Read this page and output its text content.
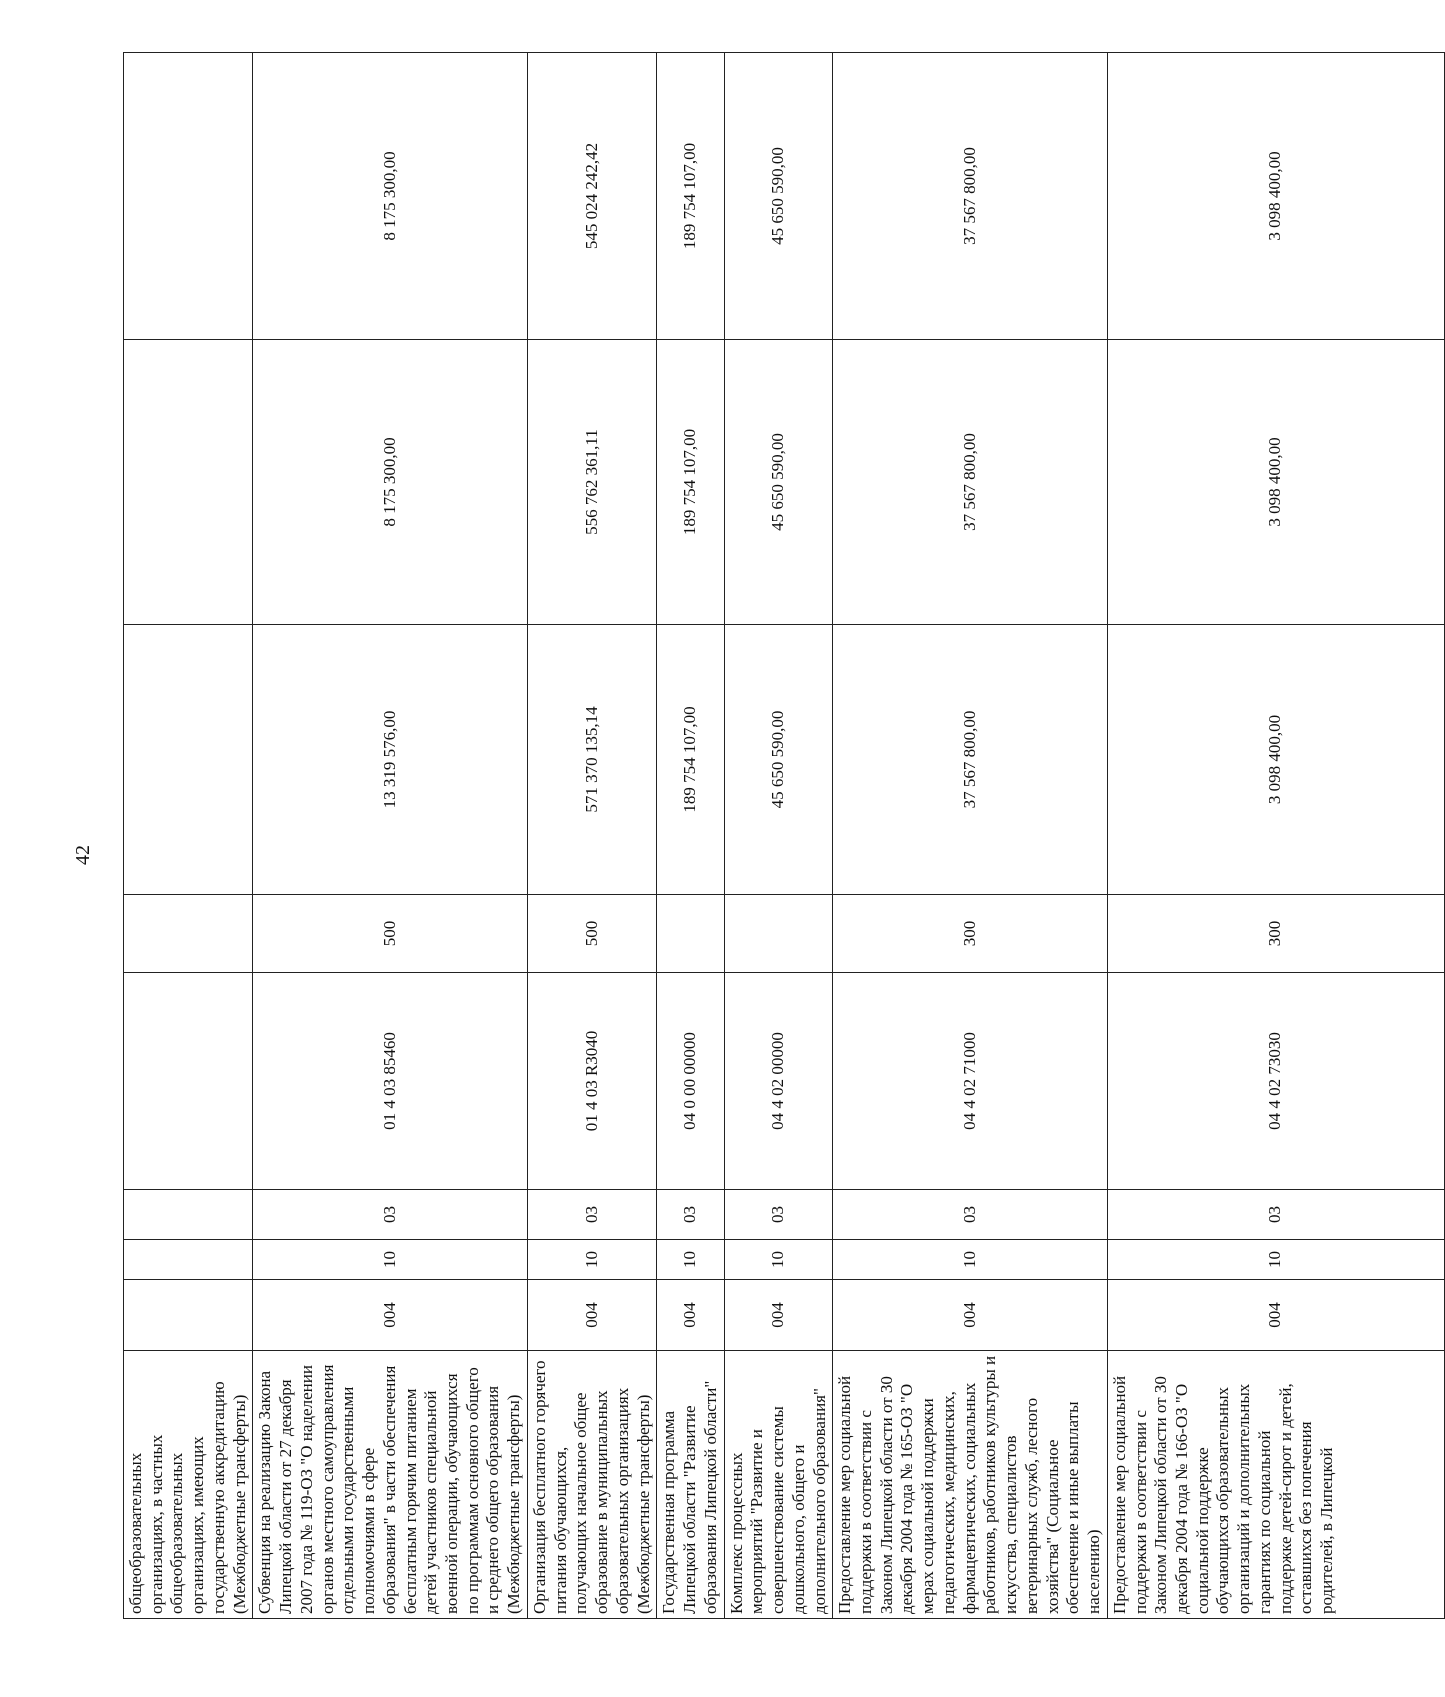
42
общеобразовательных организациях, в частных общеобразовательных организациях, имеющих государственную аккредитацию (Межбюджетные трансферты)								
Субвенция на реализацию Закона Липецкой области от 27 декабря 2007 года № 119-ОЗ "О наделении органов местного самоуправления отдельными государственными полномочиями в сфере образования" в части обеспечения бесплатным горячим питанием детей участников специальной военной операции, обучающихся по программам основного общего и среднего общего образования (Межбюджетные трансферты)	004	10	03	01 4 03 85460	500	13 319 576,00	8 175 300,00	8 175 300,00
Организация бесплатного горячего питания обучающихся, получающих начальное общее образование в муниципальных образовательных организациях (Межбюджетные трансферты)	004	10	03	01 4 03 R3040	500	571 370 135,14	556 762 361,11	545 024 242,42
Государственная программа Липецкой области "Развитие образования Липецкой области"	004	10	03	04 0 00 00000		189 754 107,00	189 754 107,00	189 754 107,00
Комплекс процессных мероприятий "Развитие и совершенствование системы дошкольного, общего и дополнительного образования"	004	10	03	04 4 02 00000		45 650 590,00	45 650 590,00	45 650 590,00
Предоставление мер социальной поддержки в соответствии с Законом Липецкой области от 30 декабря 2004 года № 165-ОЗ "О мерах социальной поддержки педагогических, медицинских, фармацевтических, социальных работников, работников культуры и искусства, специалистов ветеринарных служб, лесного хозяйства" (Социальное обеспечение и иные выплаты населению)	004	10	03	04 4 02 71000	300	37 567 800,00	37 567 800,00	37 567 800,00
Предоставление мер социальной поддержки в соответствии с Законом Липецкой области от 30 декабря 2004 года № 166-ОЗ "О социальной поддержке обучающихся образовательных организаций и дополнительных гарантиях по социальной поддержке детей-сирот и детей, оставшихся без попечения родителей, в Липецкой	004	10	03	04 4 02 73030	300	3 098 400,00	3 098 400,00	3 098 400,00
